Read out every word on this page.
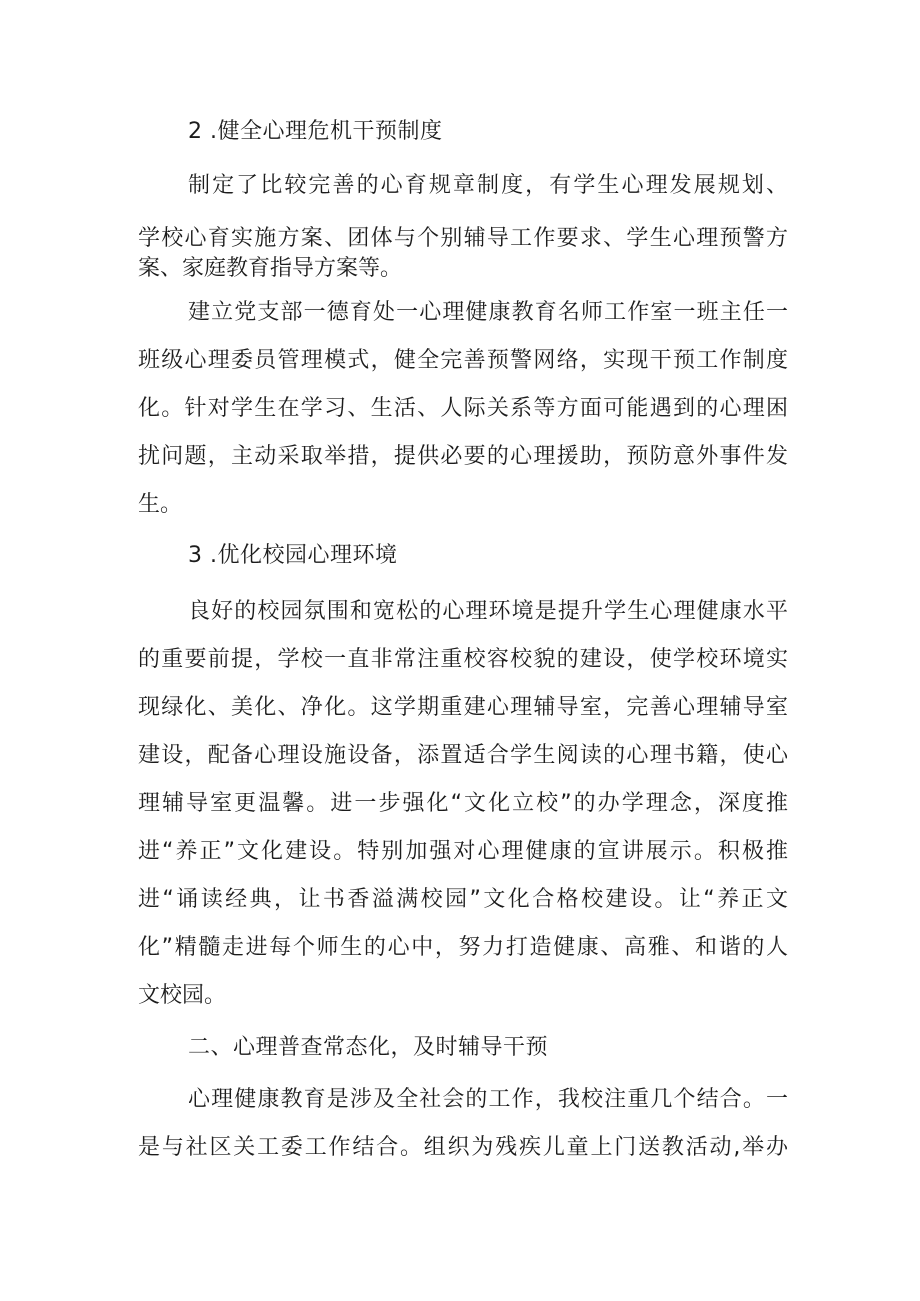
2 .健全心理危机干预制度
制定了比较完善的心育规章制度，有学生心理发展规划、
学校心育实施方案、团体与个别辅导工作要求、学生心理预警方
案、家庭教育指导方案等。
建立党支部一德育处一心理健康教育名师工作室一班主任一
班级心理委员管理模式，健全完善预警网络，实现干预工作制度
化。针对学生在学习、生活、人际关系等方面可能遇到的心理困
扰问题，主动采取举措，提供必要的心理援助，预防意外事件发
生。
3 .优化校园心理环境
良好的校园氛围和宽松的心理环境是提升学生心理健康水平
的重要前提，学校一直非常注重校容校貌的建设，使学校环境实
现绿化、美化、净化。这学期重建心理辅导室，完善心理辅导室
建设，配备心理设施设备，添置适合学生阅读的心理书籍，使心
理辅导室更温馨。进一步强化“文化立校”的办学理念，深度推
进“养正”文化建设。特别加强对心理健康的宣讲展示。积极推
进“诵读经典，让书香溢满校园”文化合格校建设。让“养正文
化”精髓走进每个师生的心中，努力打造健康、高雅、和谐的人
文校园。
二、心理普查常态化，及时辅导干预
心理健康教育是涉及全社会的工作，我校注重几个结合。一
是与社区关工委工作结合。组织为残疾儿童上门送教活动,举办
